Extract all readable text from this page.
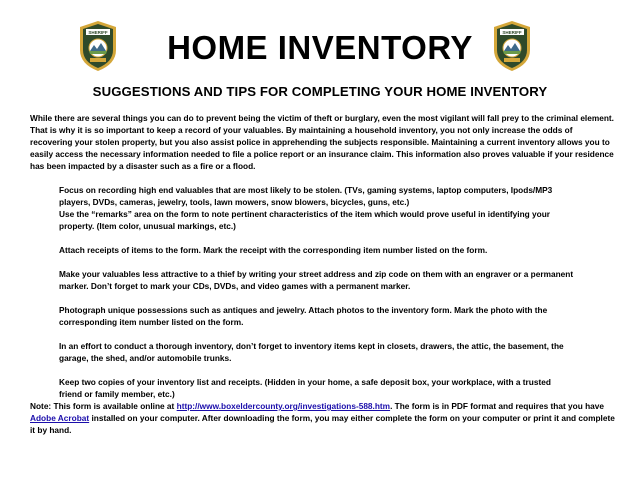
SHERIFF	SHERIFF
HOME INVENTORY
SUGGESTIONS AND TIPS FOR COMPLETING YOUR HOME INVENTORY

While there are several things you can do to prevent being the victim of theft or burglary, even the most vigilant will fall prey to the criminal element. That is why it is so important to keep a record of your valuables. By maintaining a household inventory, you not only increase the odds of recovering your stolen property, but you also assist police in apprehending the subjects responsible. Maintaining a current inventory allows you to easily access the necessary information needed to file a police report or an insurance claim. This information also proves valuable if your residence has been impacted by a disaster such as a fire or a flood.

Focus on recording high end valuables that are most likely to be stolen. (TVs, gaming systems, laptop computers, Ipods/MP3 players, DVDs, cameras, jewelry, tools, lawn mowers, snow blowers, bicycles, guns, etc.)

Use the “remarks” area on the form to note pertinent characteristics of the item which would prove useful in identifying your property. (Item color, unusual markings, etc.)

Attach receipts of items to the form. Mark the receipt with the corresponding item number listed on the form.

Make your valuables less attractive to a thief by writing your street address and zip code on them with an engraver or a permanent marker. Don’t forget to mark your CDs, DVDs, and video games with a permanent marker.

Photograph unique possessions such as antiques and jewelry. Attach photos to the inventory form. Mark the photo with the corresponding item number listed on the form.

In an effort to conduct a thorough inventory, don’t forget to inventory items kept in closets, drawers, the attic, the basement, the garage, the shed, and/or automobile trunks.

Keep two copies of your inventory list and receipts. (Hidden in your home, a safe deposit box, your workplace, with a trusted friend or family member, etc.)

Note: This form is available online at http://www.boxeldercounty.org/investigations-588.htm. The form is in PDF format and requires that you have Adobe Acrobat installed on your computer. After downloading the form, you may either complete the form on your computer or print it and complete it by hand.
